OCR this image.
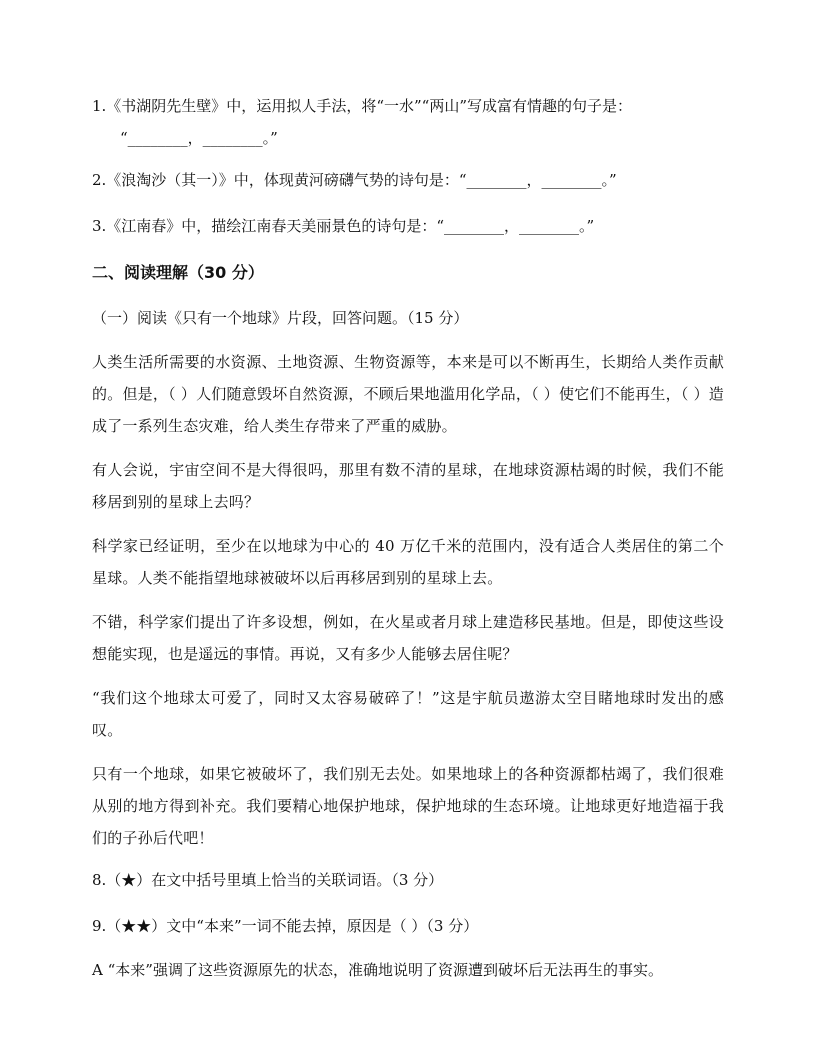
1.《书湖阴先生壁》中，运用拟人手法，将“一水”“两山”写成富有情趣的句子是：
“________，________。”
2.《浪淘沙（其一）》中，体现黄河磅礴气势的诗句是：“________，________。”
3.《江南春》中，描绘江南春天美丽景色的诗句是：“________，________。”
二、阅读理解（30 分）
（一）阅读《只有一个地球》片段，回答问题。（15 分）
人类生活所需要的水资源、土地资源、生物资源等，本来是可以不断再生，长期给人类作贡献的。但是，（ ）人们随意毁坏自然资源，不顾后果地滥用化学品，（ ）使它们不能再生，（ ）造成了一系列生态灾难，给人类生存带来了严重的威胁。
有人会说，宇宙空间不是大得很吗，那里有数不清的星球，在地球资源枯竭的时候，我们不能移居到别的星球上去吗？
科学家已经证明，至少在以地球为中心的 40 万亿千米的范围内，没有适合人类居住的第二个星球。人类不能指望地球被破坏以后再移居到别的星球上去。
不错，科学家们提出了许多设想，例如，在火星或者月球上建造移民基地。但是，即使这些设想能实现，也是遥远的事情。再说，又有多少人能够去居住呢？
“我们这个地球太可爱了，同时又太容易破碎了！”这是宇航员遨游太空目睹地球时发出的感叹。
只有一个地球，如果它被破坏了，我们别无去处。如果地球上的各种资源都枯竭了，我们很难从别的地方得到补充。我们要精心地保护地球，保护地球的生态环境。让地球更好地造福于我们的子孙后代吧！
8.（★）在文中括号里填上恰当的关联词语。（3 分）
9.（★★）文中“本来”一词不能去掉，原因是（ ）（3 分）
A “本来”强调了这些资源原先的状态，准确地说明了资源遭到破坏后无法再生的事实。
